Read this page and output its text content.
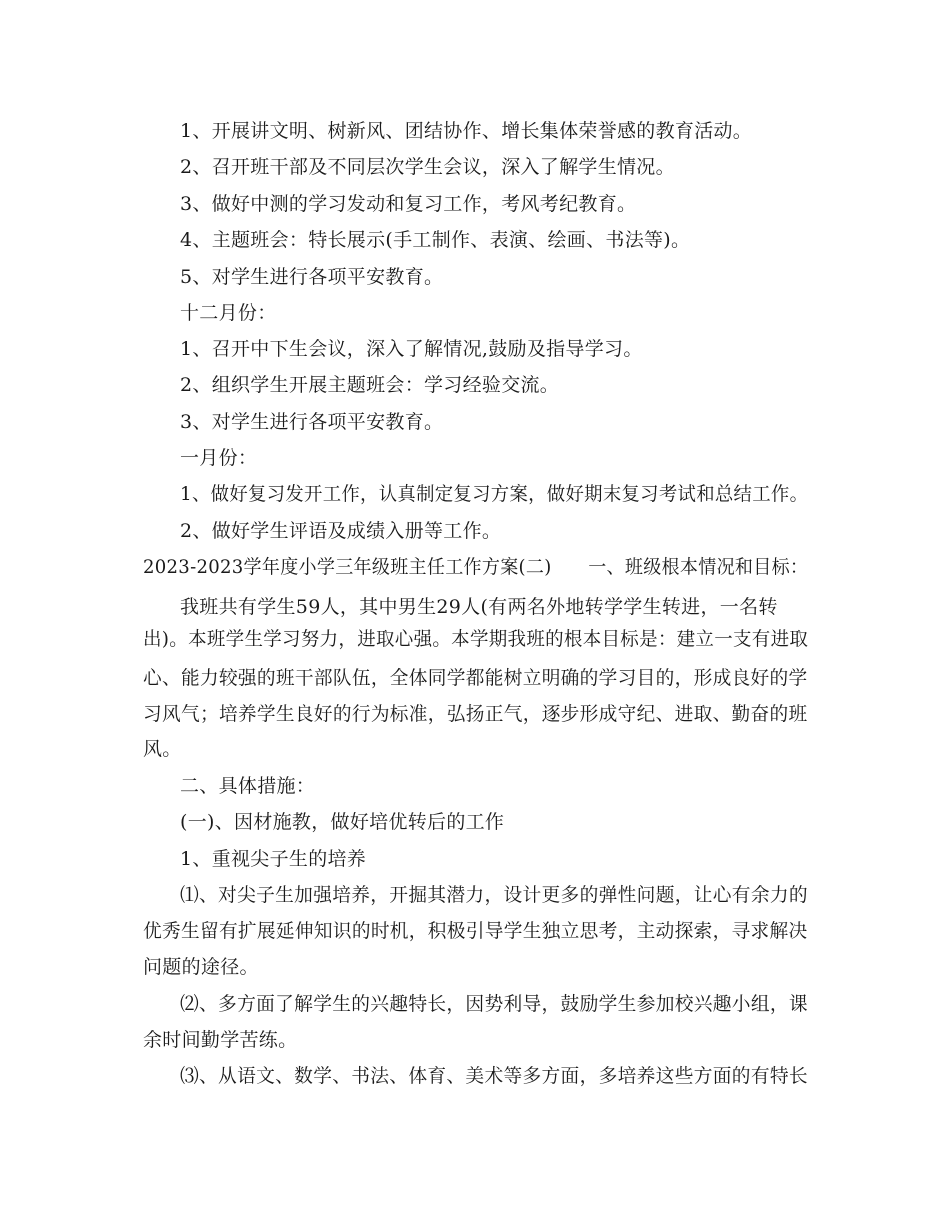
1、开展讲文明、树新风、团结协作、增长集体荣誉感的教育活动。
2、召开班干部及不同层次学生会议，深入了解学生情况。
3、做好中测的学习发动和复习工作，考风考纪教育。
4、主题班会：特长展示(手工制作、表演、绘画、书法等)。
5、对学生进行各项平安教育。
十二月份：
1、召开中下生会议，深入了解情况,鼓励及指导学习。
2、组织学生开展主题班会：学习经验交流。
3、对学生进行各项平安教育。
一月份：
1、做好复习发开工作，认真制定复习方案，做好期末复习考试和总结工作。
2、做好学生评语及成绩入册等工作。
2023-2023学年度小学三年级班主任工作方案(二)　　一、班级根本情况和目标：
我班共有学生59人，其中男生29人(有两名外地转学学生转进，一名转
出)。本班学生学习努力，进取心强。本学期我班的根本目标是：建立一支有进取
心、能力较强的班干部队伍，全体同学都能树立明确的学习目的，形成良好的学
习风气；培养学生良好的行为标准，弘扬正气，逐步形成守纪、进取、勤奋的班
风。
二、具体措施：
(一)、因材施教，做好培优转后的工作
1、重视尖子生的培养
⑴、对尖子生加强培养，开掘其潜力，设计更多的弹性问题，让心有余力的
优秀生留有扩展延伸知识的时机，积极引导学生独立思考，主动探索，寻求解决
问题的途径。
⑵、多方面了解学生的兴趣特长，因势利导，鼓励学生参加校兴趣小组，课
余时间勤学苦练。
⑶、从语文、数学、书法、体育、美术等多方面，多培养这些方面的有特长
